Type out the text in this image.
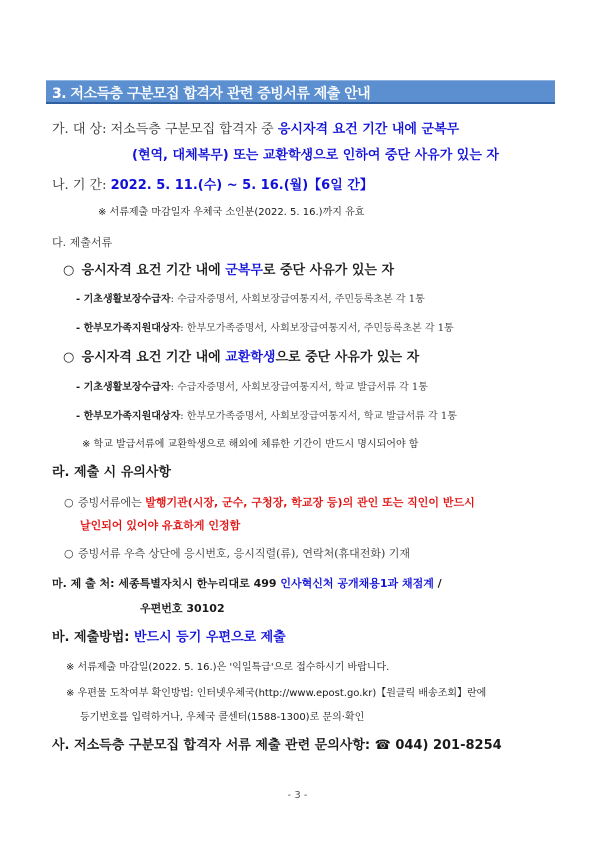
3. 저소득층 구분모집 합격자 관련 증빙서류 제출 안내
가. 대 상: 저소득층 구분모집 합격자 중 응시자격 요건 기간 내에 군복무
(현역, 대체복무) 또는 교환학생으로 인하여 중단 사유가 있는 자
나. 기 간: 2022. 5. 11.(수) ~ 5. 16.(월)【6일 간】
※ 서류제출 마감일자 우체국 소인분(2022. 5. 16.)까지 유효
다. 제출서류
○ 응시자격 요건 기간 내에 군복무로 중단 사유가 있는 자
- 기초생활보장수급자: 수급자증명서, 사회보장급여통지서, 주민등록초본 각 1통
- 한부모가족지원대상자: 한부모가족증명서, 사회보장급여통지서, 주민등록초본 각 1통
○ 응시자격 요건 기간 내에 교환학생으로 중단 사유가 있는 자
- 기초생활보장수급자: 수급자증명서, 사회보장급여통지서, 학교 발급서류 각 1통
- 한부모가족지원대상자: 한부모가족증명서, 사회보장급여통지서, 학교 발급서류 각 1통
※ 학교 발급서류에 교환학생으로 해외에 체류한 기간이 반드시 명시되어야 함
라. 제출 시 유의사항
○ 증빙서류에는 발행기관(시장, 군수, 구청장, 학교장 등)의 관인 또는 직인이 반드시
날인되어 있어야 유효하게 인정함
○ 증빙서류 우측 상단에 응시번호, 응시직렬(류), 연락처(휴대전화) 기재
마. 제 출 처: 세종특별자치시 한누리대로 499 인사혁신처 공개채용1과 채점계 /
우편번호 30102
바. 제출방법: 반드시 등기 우편으로 제출
※ 서류제출 마감일(2022. 5. 16.)은 '익일특급'으로 접수하시기 바랍니다.
※ 우편물 도착여부 확인방법: 인터넷우체국(http://www.epost.go.kr)【원클릭 배송조회】란에
등기번호를 입력하거나, 우체국 콜센터(1588-1300)로 문의·확인
사. 저소득층 구분모집 합격자 서류 제출 관련 문의사항: ☎ 044) 201-8254
- 3 -
